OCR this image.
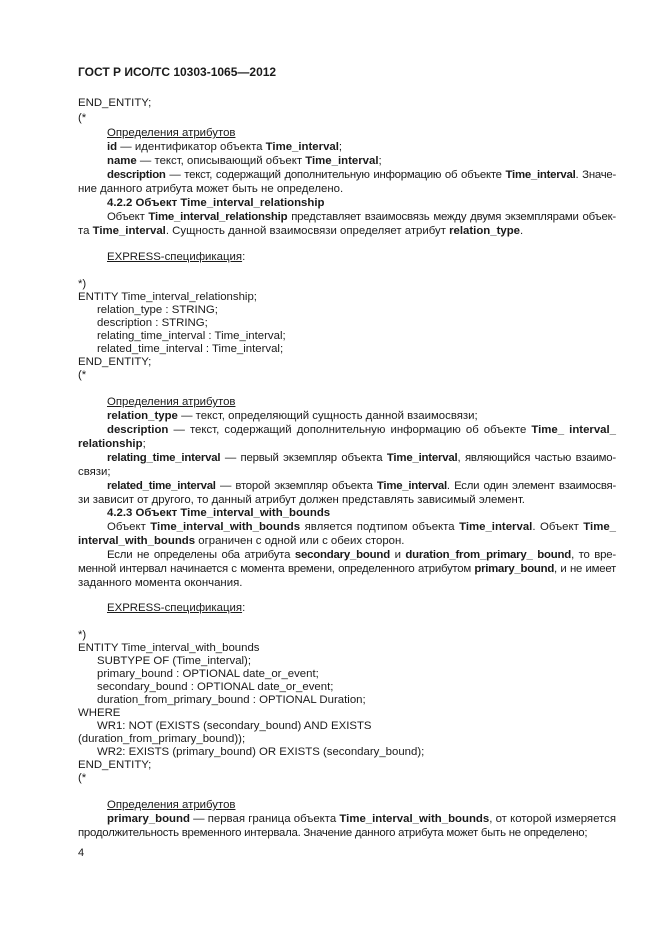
ГОСТ Р ИСО/ТС 10303-1065—2012
END_ENTITY;
(*
Определения атрибутов
id — идентификатор объекта Time_interval;
name — текст, описывающий объект Time_interval;
description — текст, содержащий дополнительную информацию об объекте Time_interval. Значе-
ние данного атрибута может быть не определено.
4.2.2 Объект Time_interval_relationship
Объект Time_interval_relationship представляет взаимосвязь между двумя экземплярами объек-
та Time_interval. Сущность данной взаимосвязи определяет атрибут relation_type.
EXPRESS-спецификация:
*)
ENTITY Time_interval_relationship;
relation_type : STRING;
description : STRING;
relating_time_interval : Time_interval;
related_time_interval : Time_interval;
END_ENTITY;
(*
Определения атрибутов
relation_type — текст, определяющий сущность данной взаимосвязи;
description — текст, содержащий дополнительную информацию об объекте Time_ interval_
relationship;
relating_time_interval — первый экземпляр объекта Time_interval, являющийся частью взаимо-
связи;
related_time_interval — второй экземпляр объекта Time_interval. Если один элемент взаимосвя-
зи зависит от другого, то данный атрибут должен представлять зависимый элемент.
4.2.3 Объект Time_interval_with_bounds
Объект Time_interval_with_bounds является подтипом объекта Time_interval. Объект Time_
interval_with_bounds ограничен с одной или с обеих сторон.
Если не определены оба атрибута secondary_bound и duration_from_primary_ bound, то вре-
менной интервал начинается с момента времени, определенного атрибутом primary_bound, и не имеет
заданного момента окончания.
EXPRESS-спецификация:
*)
ENTITY Time_interval_with_bounds
SUBTYPE OF (Time_interval);
primary_bound : OPTIONAL date_or_event;
secondary_bound : OPTIONAL date_or_event;
duration_from_primary_bound : OPTIONAL Duration;
WHERE
WR1: NOT (EXISTS (secondary_bound) AND EXISTS
(duration_from_primary_bound));
WR2: EXISTS (primary_bound) OR EXISTS (secondary_bound);
END_ENTITY;
(*
Определения атрибутов
primary_bound — первая граница объекта Time_interval_with_bounds, от которой измеряется
продолжительность временного интервала. Значение данного атрибута может быть не определено;
4
